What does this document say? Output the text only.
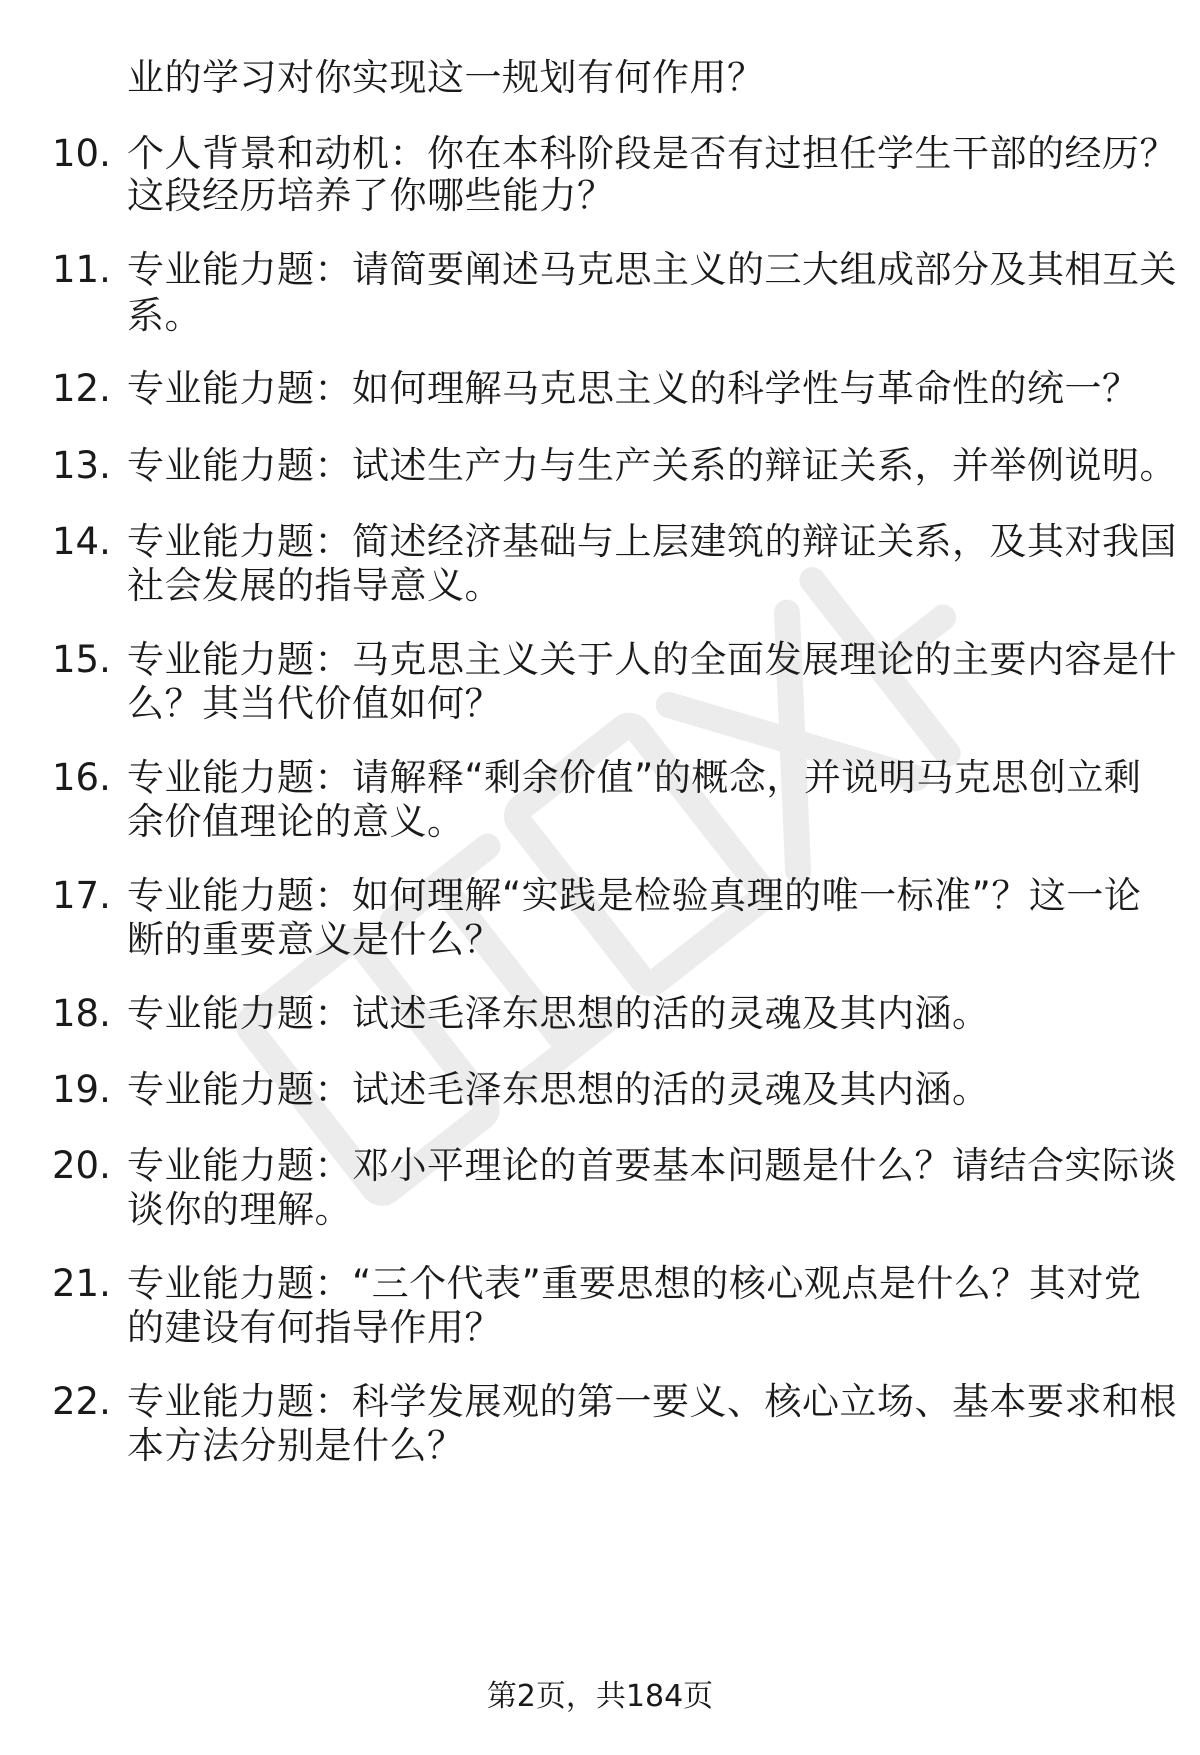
业的学习对你实现这一规划有何作用？
10. 个人背景和动机：你在本科阶段是否有过担任学生干部的经历？
这段经历培养了你哪些能力？
11. 专业能力题：请简要阐述马克思主义的三大组成部分及其相互关
系。
12. 专业能力题：如何理解马克思主义的科学性与革命性的统一？
13. 专业能力题：试述生产力与生产关系的辩证关系，并举例说明。
14. 专业能力题：简述经济基础与上层建筑的辩证关系，及其对我国
社会发展的指导意义。
15. 专业能力题：马克思主义关于人的全面发展理论的主要内容是什
么？其当代价值如何？
16. 专业能力题：请解释“剩余价值”的概念，并说明马克思创立剩
余价值理论的意义。
17. 专业能力题：如何理解“实践是检验真理的唯一标准”？这一论
断的重要意义是什么？
18. 专业能力题：试述毛泽东思想的活的灵魂及其内涵。
19. 专业能力题：试述毛泽东思想的活的灵魂及其内涵。
20. 专业能力题：邓小平理论的首要基本问题是什么？请结合实际谈
谈你的理解。
21. 专业能力题：“三个代表”重要思想的核心观点是什么？其对党
的建设有何指导作用？
22. 专业能力题：科学发展观的第一要义、核心立场、基本要求和根
本方法分别是什么？
第2页，共184页
